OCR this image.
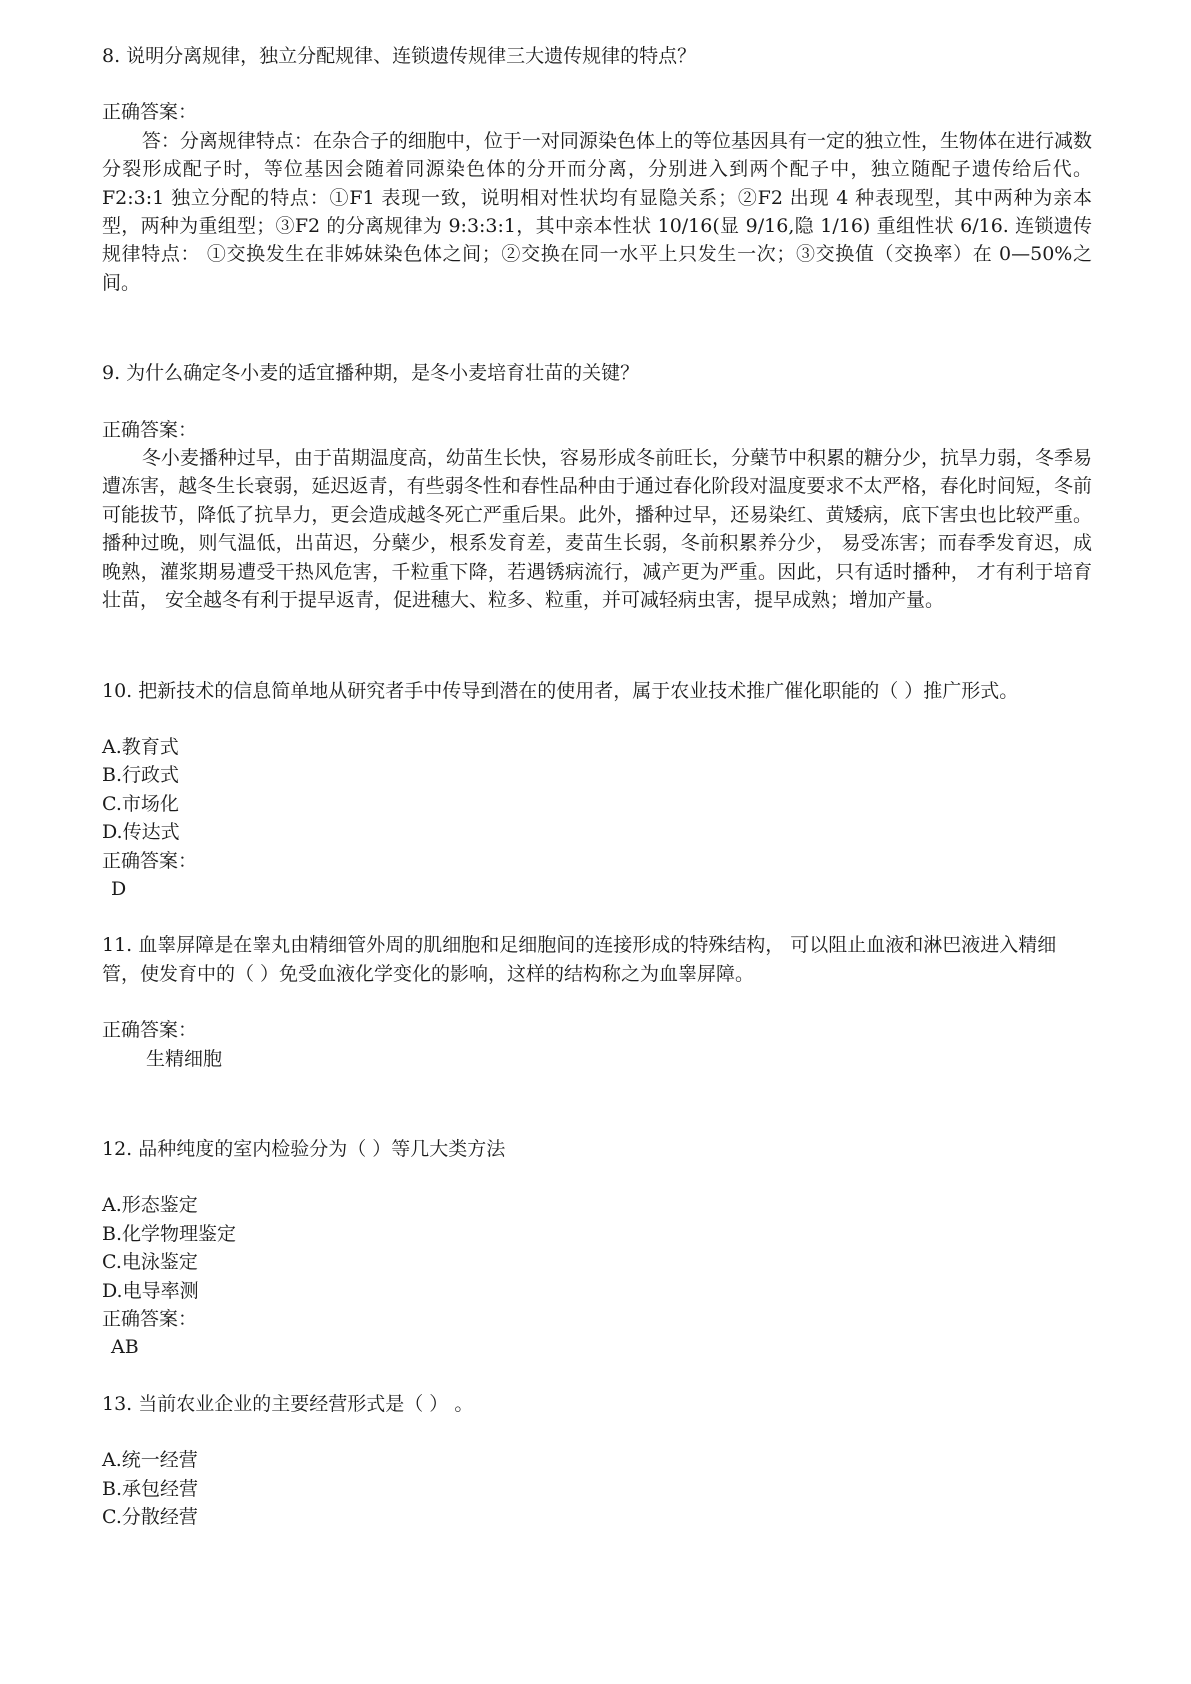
8. 说明分离规律，独立分配规律、连锁遗传规律三大遗传规律的特点？

正确答案：

答：分离规律特点：在杂合子的细胞中，位于一对同源染色体上的等位基因具有一定的独立性，生物体在进行减数分裂形成配子时，等位基因会随着同源染色体的分开而分离，分别进入到两个配子中，独立随配子遗传给后代。F2:3:1 独立分配的特点：①F1 表现一致，说明相对性状均有显隐关系；②F2 出现 4 种表现型，其中两种为亲本型，两种为重组型；③F2 的分离规律为 9:3:3:1，其中亲本性状 10/16(显 9/16,隐 1/16) 重组性状 6/16. 连锁遗传规律特点： ①交换发生在非姊妹染色体之间；②交换在同一水平上只发生一次；③交换值（交换率）在 0—50%之间。

9. 为什么确定冬小麦的适宜播种期，是冬小麦培育壮苗的关键？

正确答案：

冬小麦播种过早，由于苗期温度高，幼苗生长快，容易形成冬前旺长，分蘖节中积累的糖分少，抗旱力弱，冬季易遭冻害，越冬生长衰弱，延迟返青，有些弱冬性和春性品种由于通过春化阶段对温度要求不太严格，春化时间短，冬前可能拔节，降低了抗旱力，更会造成越冬死亡严重后果。此外，播种过早，还易染红、黄矮病，底下害虫也比较严重。播种过晚，则气温低，出苗迟，分蘖少，根系发育差，麦苗生长弱，冬前积累养分少， 易受冻害；而春季发育迟，成晚熟，灌浆期易遭受干热风危害，千粒重下降，若遇锈病流行，减产更为严重。因此，只有适时播种， 才有利于培育壮苗， 安全越冬有利于提早返青，促进穗大、粒多、粒重，并可减轻病虫害，提早成熟；增加产量。

10. 把新技术的信息简单地从研究者手中传导到潜在的使用者，属于农业技术推广催化职能的（ ）推广形式。

A.教育式

B.行政式

C.市场化

D.传达式

正确答案：

D

11. 血睾屏障是在睾丸由精细管外周的肌细胞和足细胞间的连接形成的特殊结构， 可以阻止血液和淋巴液进入精细管，使发育中的（ ）免受血液化学变化的影响，这样的结构称之为血睾屏障。

正确答案：

生精细胞

12. 品种纯度的室内检验分为（ ）等几大类方法

A.形态鉴定

B.化学物理鉴定

C.电泳鉴定

D.电导率测

正确答案：

AB

13. 当前农业企业的主要经营形式是（ ） 。

A.统一经营

B.承包经营

C.分散经营
